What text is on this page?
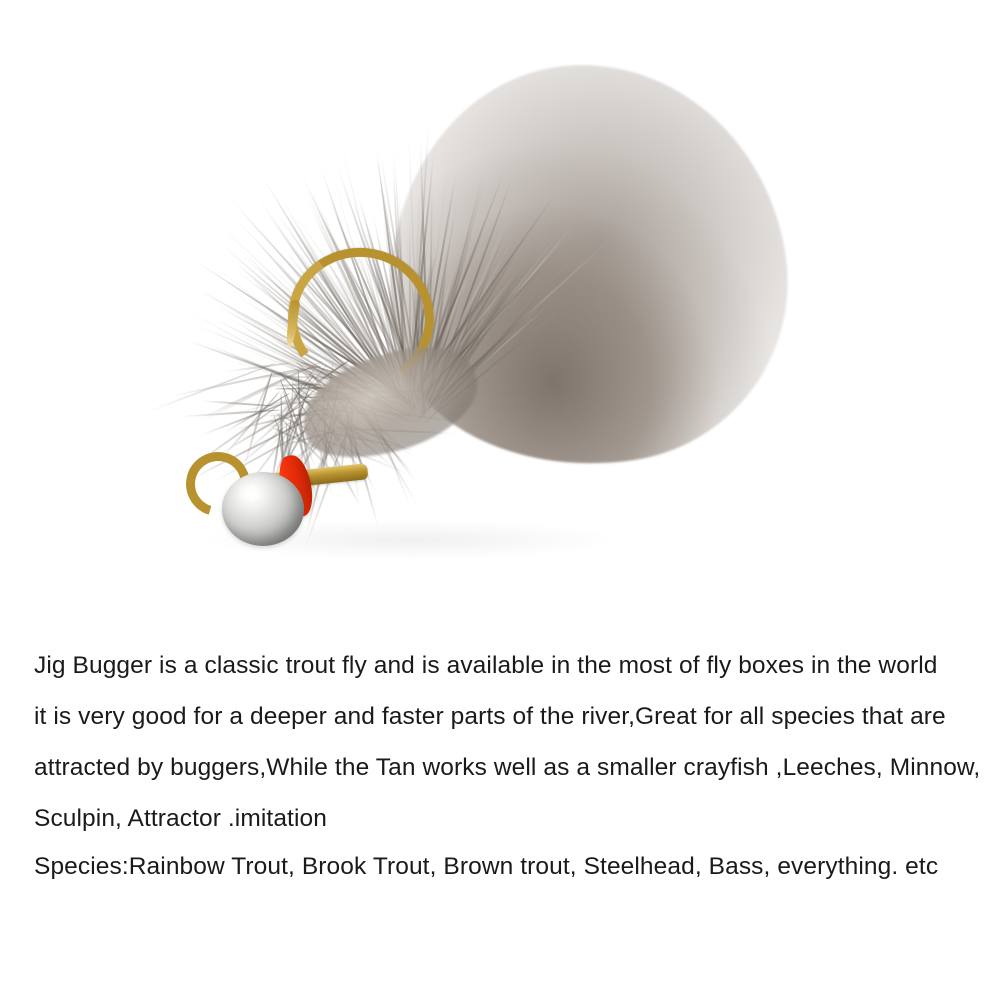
Jig Bugger is a classic trout fly and is available in the most of fly boxes in the world
it is very good for a deeper and faster parts of the river,Great for all species that are
attracted by buggers,While the Tan works well as a smaller crayfish ,Leeches, Minnow,
Sculpin, Attractor .imitation
Species:Rainbow Trout, Brook Trout, Brown trout, Steelhead, Bass, everything. etc
